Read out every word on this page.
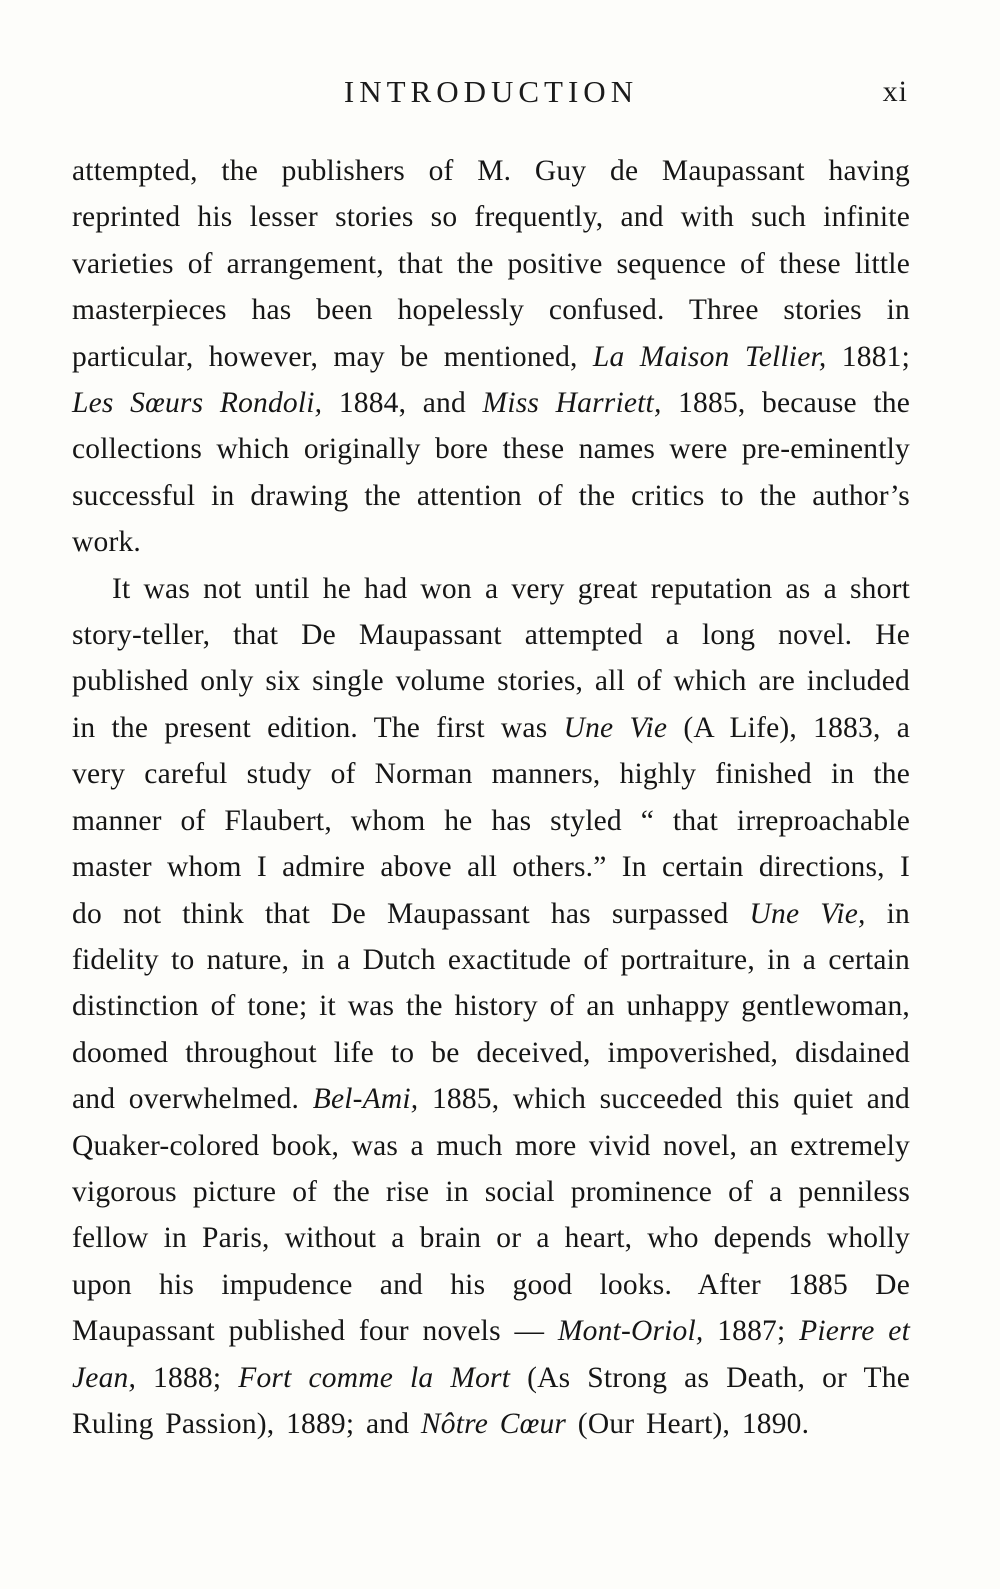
INTRODUCTION	xi

attempted, the publishers of M. Guy de Maupassant having reprinted his lesser stories so frequently, and with such infinite varieties of arrangement, that the positive sequence of these little masterpieces has been hopelessly confused. Three stories in particular, however, may be mentioned, La Maison Tellier, 1881; Les Sœurs Rondoli, 1884, and Miss Harriett, 1885, because the collections which originally bore these names were pre-eminently successful in drawing the attention of the critics to the author’s work.

It was not until he had won a very great reputation as a short story-teller, that De Maupassant attempted a long novel. He published only six single volume stories, all of which are included in the present edition. The first was Une Vie (A Life), 1883, a very careful study of Norman manners, highly finished in the manner of Flaubert, whom he has styled “ that irreproachable master whom I admire above all others.” In certain directions, I do not think that De Maupassant has surpassed Une Vie, in fidelity to nature, in a Dutch exactitude of portraiture, in a certain distinction of tone; it was the history of an unhappy gentlewoman, doomed throughout life to be deceived, impoverished, disdained and overwhelmed. Bel-Ami, 1885, which succeeded this quiet and Quaker-colored book, was a much more vivid novel, an extremely vigorous picture of the rise in social prominence of a penniless fellow in Paris, without a brain or a heart, who depends wholly upon his impudence and his good looks. After 1885 De Maupassant published four novels — Mont-Oriol, 1887; Pierre et Jean, 1888; Fort comme la Mort (As Strong as Death, or The Ruling Passion), 1889; and Nôtre Cœur (Our Heart), 1890.
